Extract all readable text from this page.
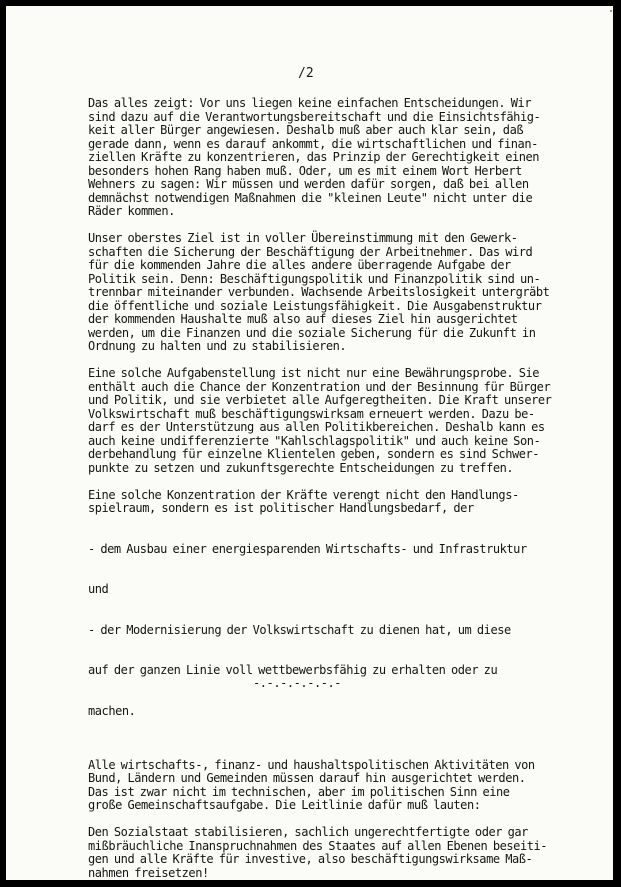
/2
Das alles zeigt: Vor uns liegen keine einfachen Entscheidungen. Wir
sind dazu auf die Verantwortungsbereitschaft und die Einsichtsfähig-
keit aller Bürger angewiesen. Deshalb muß aber auch klar sein, daß
gerade dann, wenn es darauf ankommt, die wirtschaftlichen und finan-
ziellen Kräfte zu konzentrieren, das Prinzip der Gerechtigkeit einen
besonders hohen Rang haben muß. Oder, um es mit einem Wort Herbert
Wehners zu sagen: Wir müssen und werden dafür sorgen, daß bei allen
demnächst notwendigen Maßnahmen die "kleinen Leute" nicht unter die
Räder kommen.
Unser oberstes Ziel ist in voller Übereinstimmung mit den Gewerk-
schaften die Sicherung der Beschäftigung der Arbeitnehmer. Das wird
für die kommenden Jahre die alles andere überragende Aufgabe der
Politik sein. Denn: Beschäftigungspolitik und Finanzpolitik sind un-
trennbar miteinander verbunden. Wachsende Arbeitslosigkeit untergräbt
die öffentliche und soziale Leistungsfähigkeit. Die Ausgabenstruktur
der kommenden Haushalte muß also auf dieses Ziel hin ausgerichtet
werden, um die Finanzen und die soziale Sicherung für die Zukunft in
Ordnung zu halten und zu stabilisieren.
Eine solche Aufgabenstellung ist nicht nur eine Bewährungsprobe. Sie
enthält auch die Chance der Konzentration und der Besinnung für Bürger
und Politik, und sie verbietet alle Aufgeregtheiten. Die Kraft unserer
Volkswirtschaft muß beschäftigungswirksam erneuert werden. Dazu be-
darf es der Unterstützung aus allen Politikbereichen. Deshalb kann es
auch keine undifferenzierte "Kahlschlagspolitik" und auch keine Son-
derbehandlung für einzelne Klientelen geben, sondern es sind Schwer-
punkte zu setzen und zukunftsgerechte Entscheidungen zu treffen.
Eine solche Konzentration der Kräfte verengt nicht den Handlungs-
spielraum, sondern es ist politischer Handlungsbedarf, der

- dem Ausbau einer energiesparenden Wirtschafts- und Infrastruktur

und

- der Modernisierung der Volkswirtschaft zu dienen hat, um diese

auf der ganzen Linie voll wettbewerbsfähig zu erhalten oder zu

machen.

Alle wirtschafts-, finanz- und haushaltspolitischen Aktivitäten von
Bund, Ländern und Gemeinden müssen darauf hin ausgerichtet werden.
Das ist zwar nicht im technischen, aber im politischen Sinn eine
große Gemeinschaftsaufgabe. Die Leitlinie dafür muß lauten:
Den Sozialstaat stabilisieren, sachlich ungerechtfertigte oder gar
mißbräuchliche Inanspruchnahmen des Staates auf allen Ebenen beseiti-
gen und alle Kräfte für investive, also beschäftigungswirksame Maß-
nahmen freisetzen!
-.-.-.-.-.-.-
